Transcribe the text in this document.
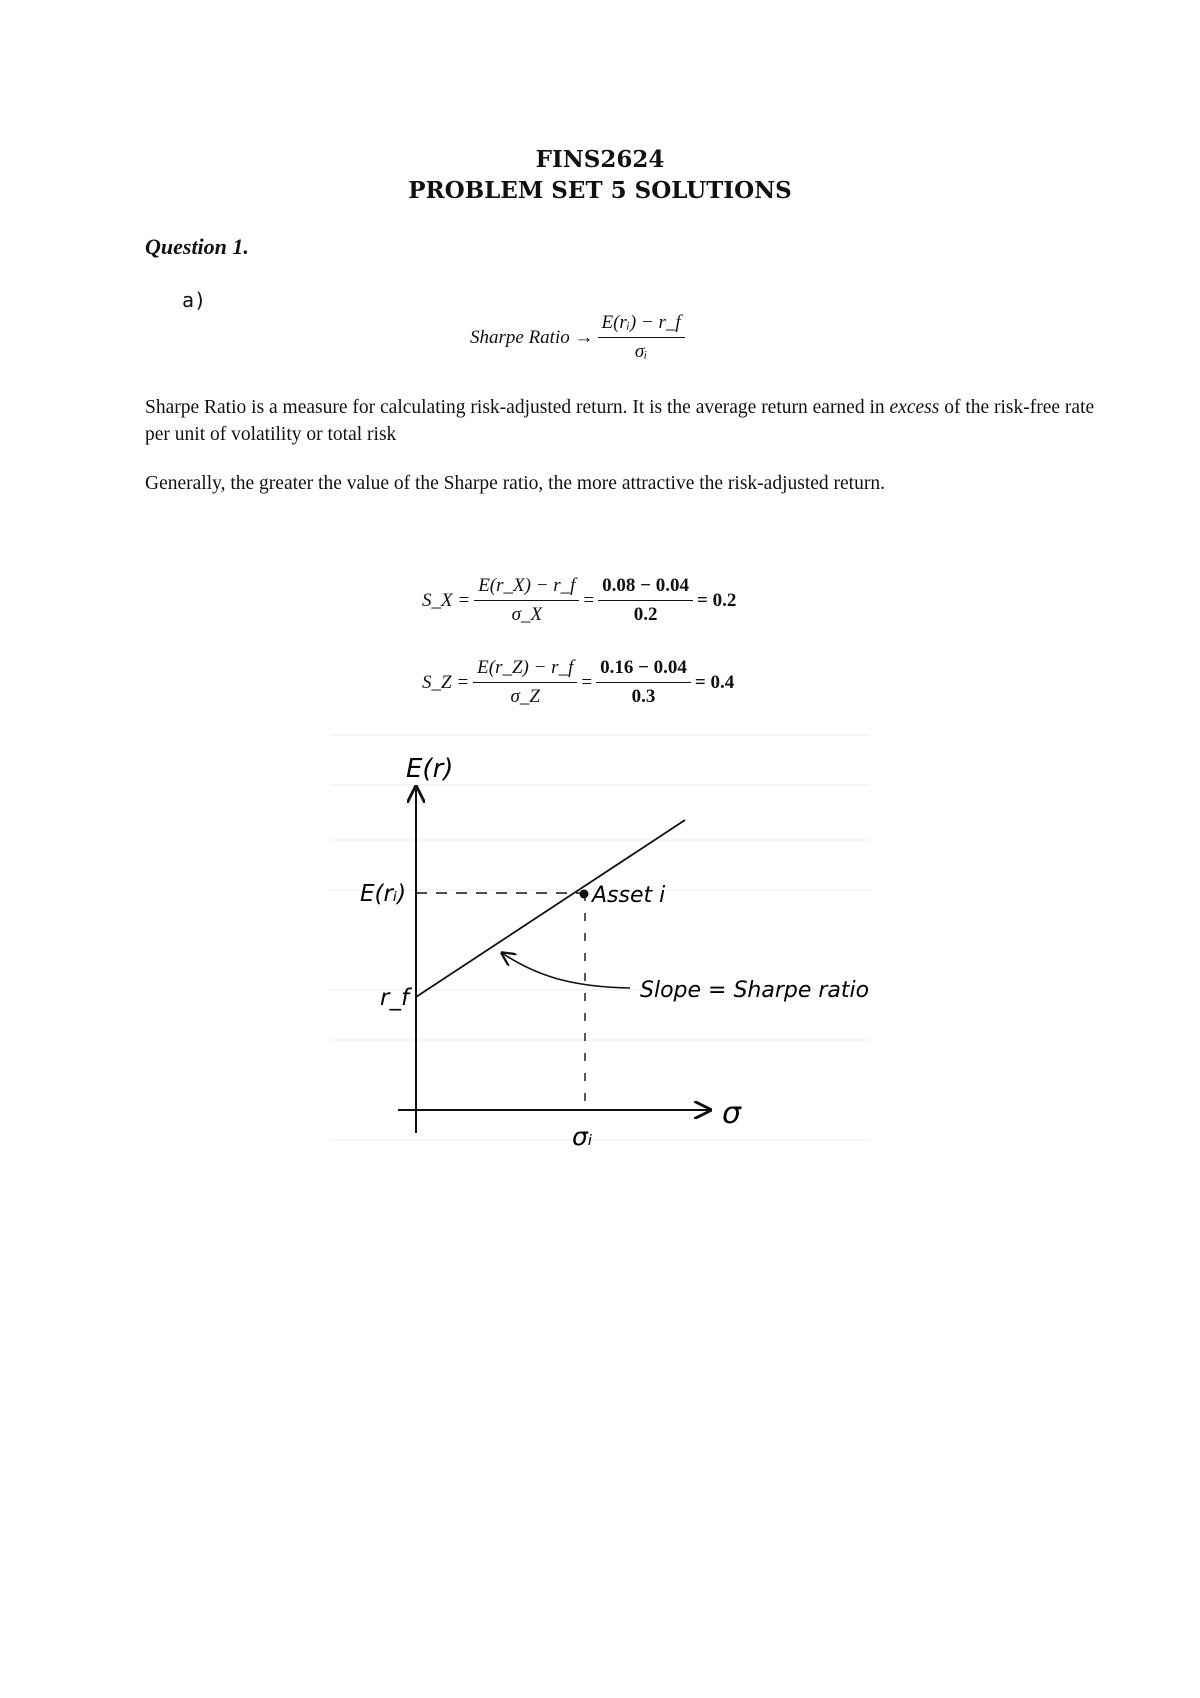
FINS2624
PROBLEM SET 5 SOLUTIONS
Question 1.
a)
Sharpe Ratio → $\frac{\text{E(rᵢ) − r\_f}}{\text{σᵢ}}$
Sharpe Ratio is a measure for calculating risk-adjusted return. It is the average return earned in excess of the risk-free rate per unit of volatility or total risk
Generally, the greater the value of the Sharpe ratio, the more attractive the risk-adjusted return.
S_X = $\frac{E(r\_X) - r\_f}{\sigma\_X} = \frac{0.08 - 0.04}{0.2} = 0.2$
S_Z = $\frac{E(r\_Z) - r\_f}{\sigma\_Z} = \frac{0.16 - 0.04}{0.3} = 0.4$
E(r)
σ
E(rᵢ)
r_f
Asset i
σᵢ
Slope = Sharpe ratio
